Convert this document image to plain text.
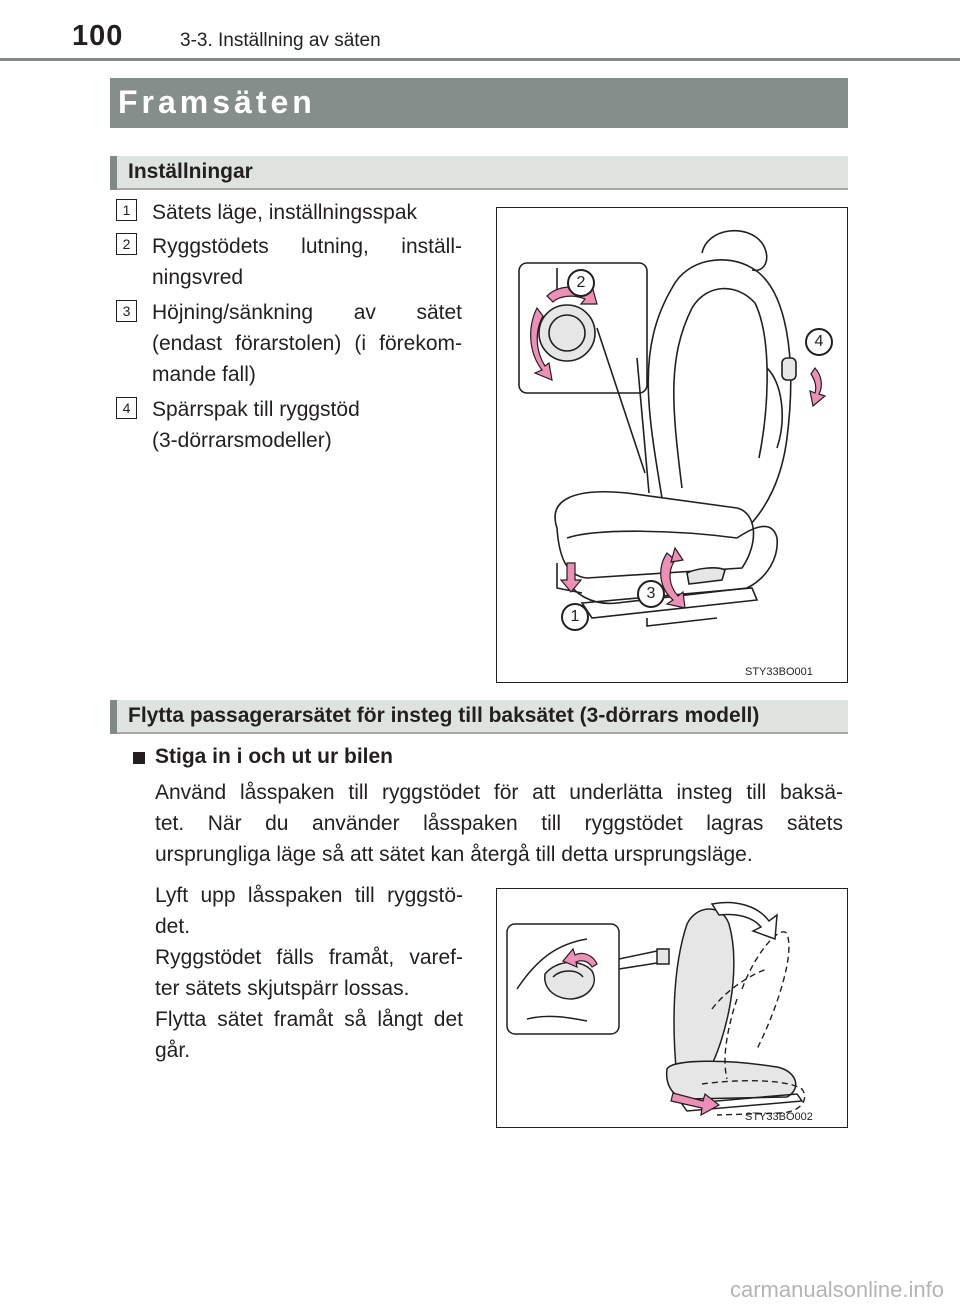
100	3-3. Inställning av säten
Framsäten
Inställningar
1	Sätets läge, inställningsspak
2	Ryggstödets lutning, inställ-
ningsvred
3	Höjning/sänkning av sätet
(endast förarstolen) (i förekom-
mande fall)
4	Spärrspak till ryggstöd
(3-dörrarsmodeller)
2
4
3
1
STY33BO001
Flytta passagerarsätet för insteg till baksätet (3-dörrars modell)
Stiga in i och ut ur bilen
Använd låsspaken till ryggstödet för att underlätta insteg till baksä-
tet. När du använder låsspaken till ryggstödet lagras sätets
ursprungliga läge så att sätet kan återgå till detta ursprungsläge.
Lyft upp låsspaken till ryggstö-
det.
Ryggstödet fälls framåt, varef-
ter sätets skjutspärr lossas.
Flytta sätet framåt så långt det
går.
STY33BO002
carmanualsonline.info
